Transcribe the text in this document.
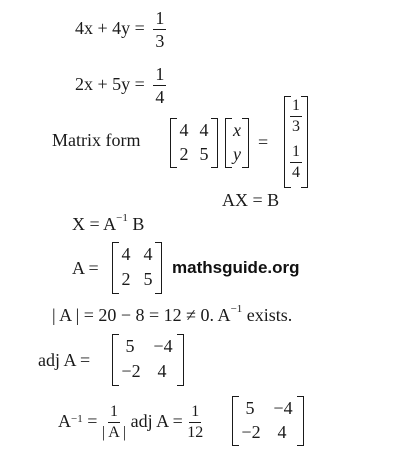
$4x + 4y = \frac{1}{3}$
$2x + 5y = \frac{1}{4}$
Matrix form 4 4
2 5
x
y
=
$\frac{1}{3}$
$\frac{1}{4}$
AX = B
$X = A^{-1}$ B
A =
4 4
2 5
mathsguide.org
| A | = 20 − 8 = 12 ≠ 0. $A^{-1}$ exists.
adj A =
5	−4
−2 4
$A^{-1} = \frac{1}{| A |}$ adj $A = \frac{1}{12}$	5	−4
−2 4
